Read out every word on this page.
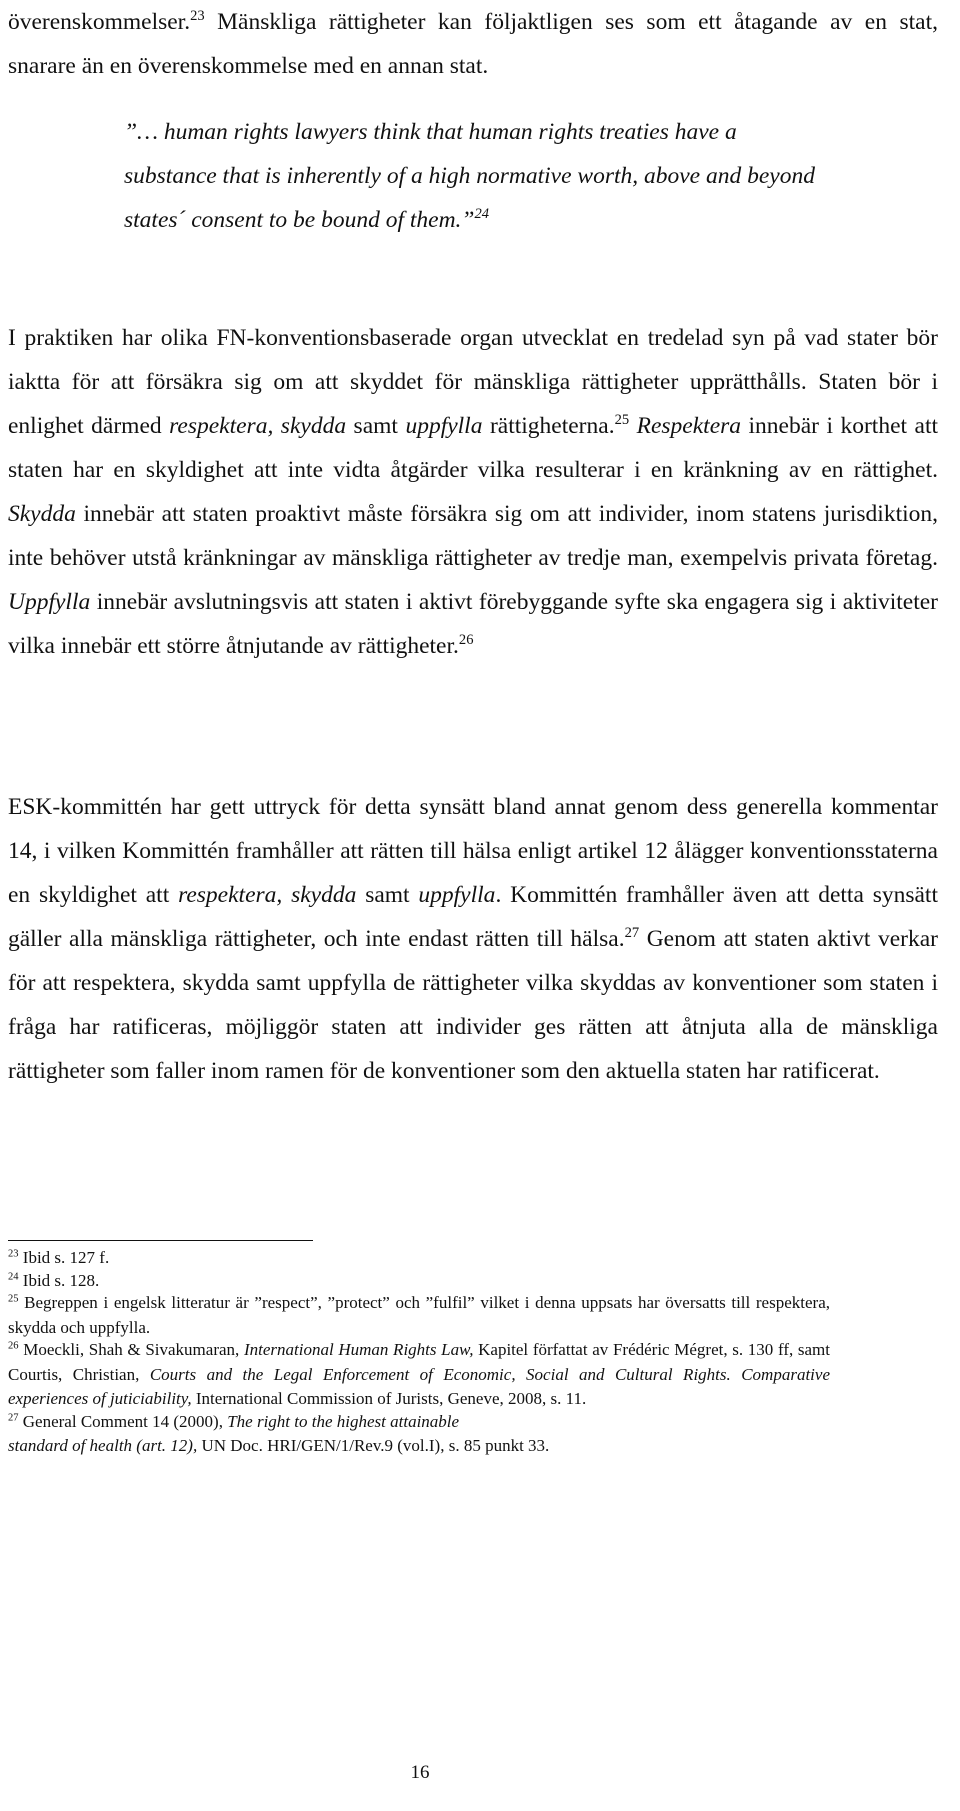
överenskommelser.$^{23}$ Mänskliga rättigheter kan följaktligen ses som ett åtagande av en stat, snarare än en överenskommelse med en annan stat.

”… human rights lawyers think that human rights treaties have a substance that is inherently of a high normative worth, above and beyond states´ consent to be bound of them.”$^{24}$

I praktiken har olika FN-konventionsbaserade organ utvecklat en tredelad syn på vad stater bör iaktta för att försäkra sig om att skyddet för mänskliga rättigheter upprätthålls. Staten bör i enlighet därmed respektera, skydda samt uppfylla rättigheterna.$^{25}$ Respektera innebär i korthet att staten har en skyldighet att inte vidta åtgärder vilka resulterar i en kränkning av en rättighet. Skydda innebär att staten proaktivt måste försäkra sig om att individer, inom statens jurisdiktion, inte behöver utstå kränkningar av mänskliga rättigheter av tredje man, exempelvis privata företag. Uppfylla innebär avslutningsvis att staten i aktivt förebyggande syfte ska engagera sig i aktiviteter vilka innebär ett större åtnjutande av rättigheter.$^{26}$

ESK-kommittén har gett uttryck för detta synsätt bland annat genom dess generella kommentar 14, i vilken Kommittén framhåller att rätten till hälsa enligt artikel 12 ålägger konventionsstaterna en skyldighet att respektera, skydda samt uppfylla. Kommittén framhåller även att detta synsätt gäller alla mänskliga rättigheter, och inte endast rätten till hälsa.$^{27}$ Genom att staten aktivt verkar för att respektera, skydda samt uppfylla de rättigheter vilka skyddas av konventioner som staten i fråga har ratificeras, möjliggör staten att individer ges rätten att åtnjuta alla de mänskliga rättigheter som faller inom ramen för de konventioner som den aktuella staten har ratificerat.

$^{23}$ Ibid s. 127 f.

$^{24}$ Ibid s. 128.

$^{25}$ Begreppen i engelsk litteratur är ”respect”, ”protect” och ”fulfil” vilket i denna uppsats har översatts till respektera, skydda och uppfylla.

$^{26}$ Moeckli, Shah & Sivakumaran, International Human Rights Law, Kapitel författat av Frédéric Mégret, s. 130 ff, samt Courtis, Christian, Courts and the Legal Enforcement of Economic, Social and Cultural Rights. Comparative experiences of juticiability, International Commission of Jurists, Geneve, 2008, s. 11.

$^{27}$ General Comment 14 (2000), The right to the highest attainable
standard of health (art. 12), UN Doc. HRI/GEN/1/Rev.9 (vol.I), s. 85 punkt 33.

16
